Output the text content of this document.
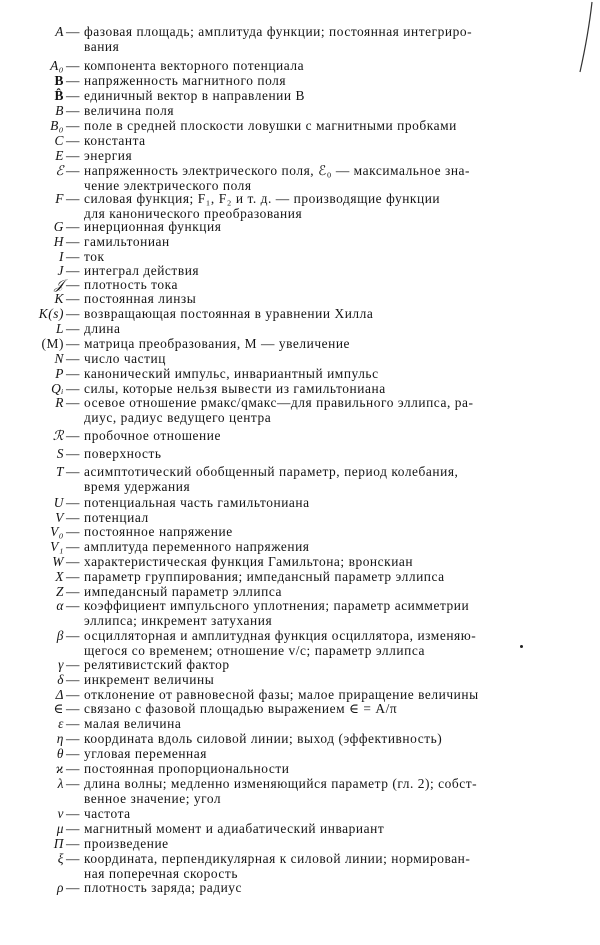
A — фазовая площадь; амплитуда функции; постоянная интегриро-
вания
A₀ — компонента векторного потенциала
B — напряженность магнитного поля
B̂ — единичный вектор в направлении B
B — величина поля
B₀ — поле в средней плоскости ловушки с магнитными пробками
C — константа
E — энергия
ℰ — напряженность электрического поля, ℰ₀ — максимальное зна-
чение электрического поля
F — силовая функция; F₁, F₂ и т. д. — производящие функции
для канонического преобразования
G — инерционная функция
H — гамильтониан
I — ток
J — интеграл действия
𝒥 — плотность тока
K — постоянная линзы
K(s) — возвращающая постоянная в уравнении Хилла
L — длина
(M) — матрица преобразования, M — увеличение
N — число частиц
P — канонический импульс, инвариантный импульс
Qᵢ — силы, которые нельзя вывести из гамильтониана
R — осевое отношение pмакс/qмакс—для правильного эллипса, ра-
диус, радиус ведущего центра
ℛ — пробочное отношение
S — поверхность
T — асимптотический обобщенный параметр, период колебания,
время удержания
U — потенциальная часть гамильтониана
V — потенциал
V₀ — постоянное напряжение
V₁ — амплитуда переменного напряжения
W — характеристическая функция Гамильтона; вронскиан
X — параметр группирования; импедансный параметр эллипса
Z — импедансный параметр эллипса
α — коэффициент импульсного уплотнения; параметр асимметрии
эллипса; инкремент затухания
β — осцилляторная и амплитудная функция осциллятора, изменяю-
щегося со временем; отношение v/c; параметр эллипса
γ — релятивистский фактор
δ — инкремент величины
Δ — отклонение от равновесной фазы; малое приращение величины
∈ — связано с фазовой площадью выражением ∈ = A/π
ε — малая величина
η — координата вдоль силовой линии; выход (эффективность)
θ — угловая переменная
ϰ — постоянная пропорциональности
λ — длина волны; медленно изменяющийся параметр (гл. 2); собст-
венное значение; угол
ν — частота
μ — магнитный момент и адиабатический инвариант
Π — произведение
ξ — координата, перпендикулярная к силовой линии; нормирован-
ная поперечная скорость
ρ — плотность заряда; радиус
